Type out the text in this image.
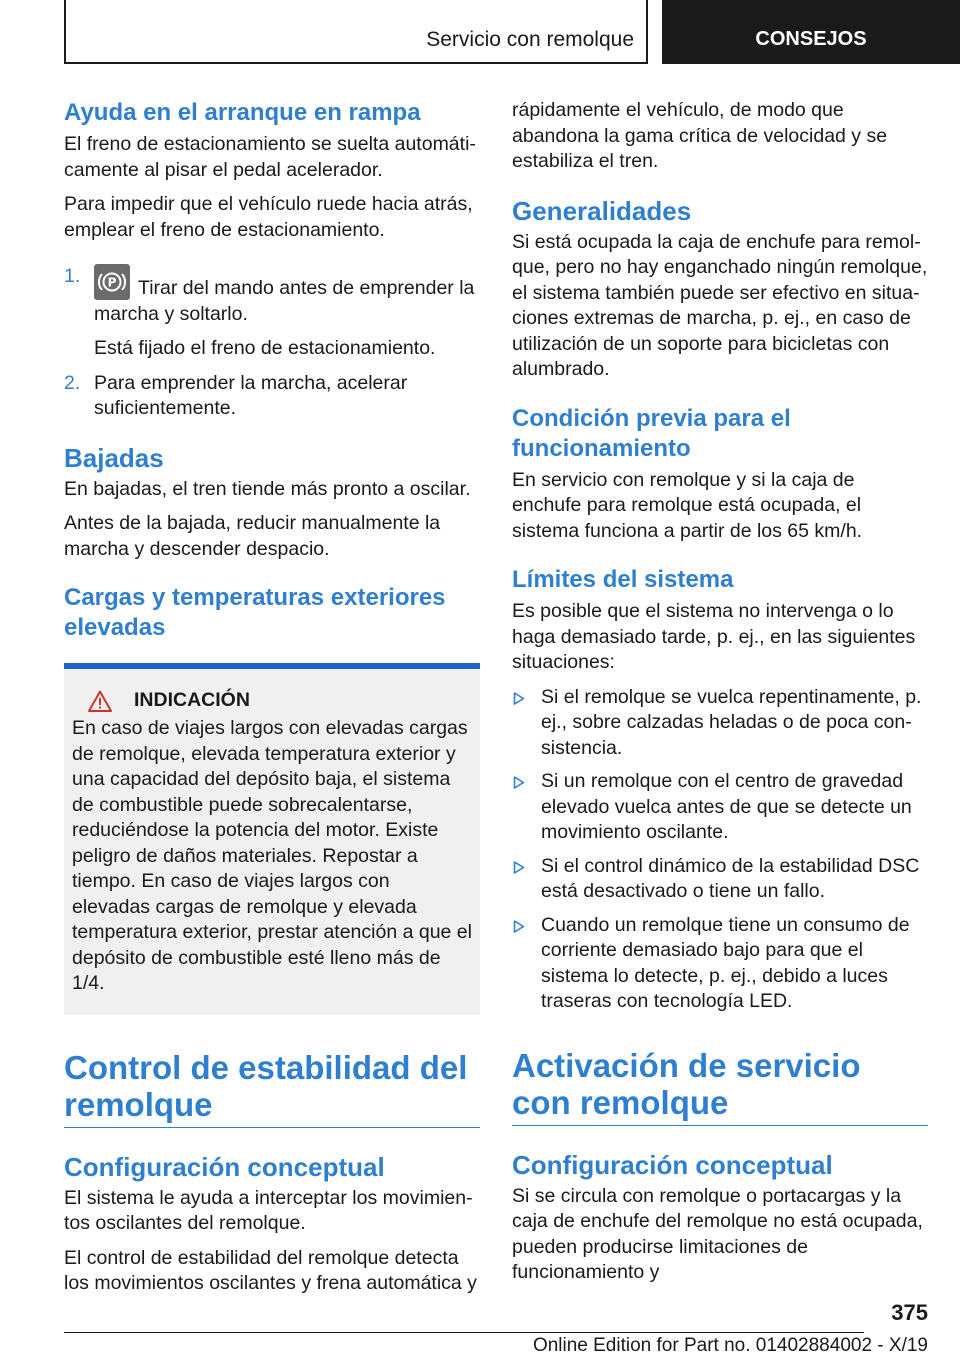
Servicio con remolque	CONSEJOS
Ayuda en el arranque en rampa

El freno de estacionamiento se suelta automáticamente al pisar el pedal acelerador.

Para impedir que el vehículo ruede hacia atrás, emplear el freno de estacionamiento.

1. P Tirar del mando antes de emprender la marcha y soltarlo.
Está fijado el freno de estacionamiento.
2. Para emprender la marcha, acelerar suficientemente.
Bajadas

En bajadas, el tren tiende más pronto a oscilar.

Antes de la bajada, reducir manualmente la marcha y descender despacio.

Cargas y temperaturas exteriores elevadas
INDICACIÓN

En caso de viajes largos con elevadas cargas de remolque, elevada temperatura exterior y una capacidad del depósito baja, el sistema de combustible puede sobrecalentarse, reduciéndose la potencia del motor. Existe peligro de daños materiales. Repostar a tiempo. En caso de viajes largos con elevadas cargas de remolque y elevada temperatura exterior, prestar atención a que el depósito de combustible esté lleno más de 1/4.

Control de estabilidad del remolque
Configuración conceptual

El sistema le ayuda a interceptar los movimientos oscilantes del remolque.

El control de estabilidad del remolque detecta los movimientos oscilantes y frena automática y

rápidamente el vehículo, de modo que abandona la gama crítica de velocidad y se estabiliza el tren.

Generalidades

Si está ocupada la caja de enchufe para remolque, pero no hay enganchado ningún remolque, el sistema también puede ser efectivo en situaciones extremas de marcha, p. ej., en caso de utilización de un soporte para bicicletas con alumbrado.

Condición previa para el funcionamiento

En servicio con remolque y si la caja de enchufe para remolque está ocupada, el sistema funciona a partir de los 65 km/h.

Límites del sistema

Es posible que el sistema no intervenga o lo haga demasiado tarde, p. ej., en las siguientes situaciones:

Si el remolque se vuelca repentinamente, p. ej., sobre calzadas heladas o de poca consistencia.
Si un remolque con el centro de gravedad elevado vuelca antes de que se detecte un movimiento oscilante.
Si el control dinámico de la estabilidad DSC está desactivado o tiene un fallo.
Cuando un remolque tiene un consumo de corriente demasiado bajo para que el sistema lo detecte, p. ej., debido a luces traseras con tecnología LED.
Activación de servicio con remolque
Configuración conceptual

Si se circula con remolque o portacargas y la caja de enchufe del remolque no está ocupada, pueden producirse limitaciones de funcionamiento y

375
Online Edition for Part no. 01402884002 - X/19
